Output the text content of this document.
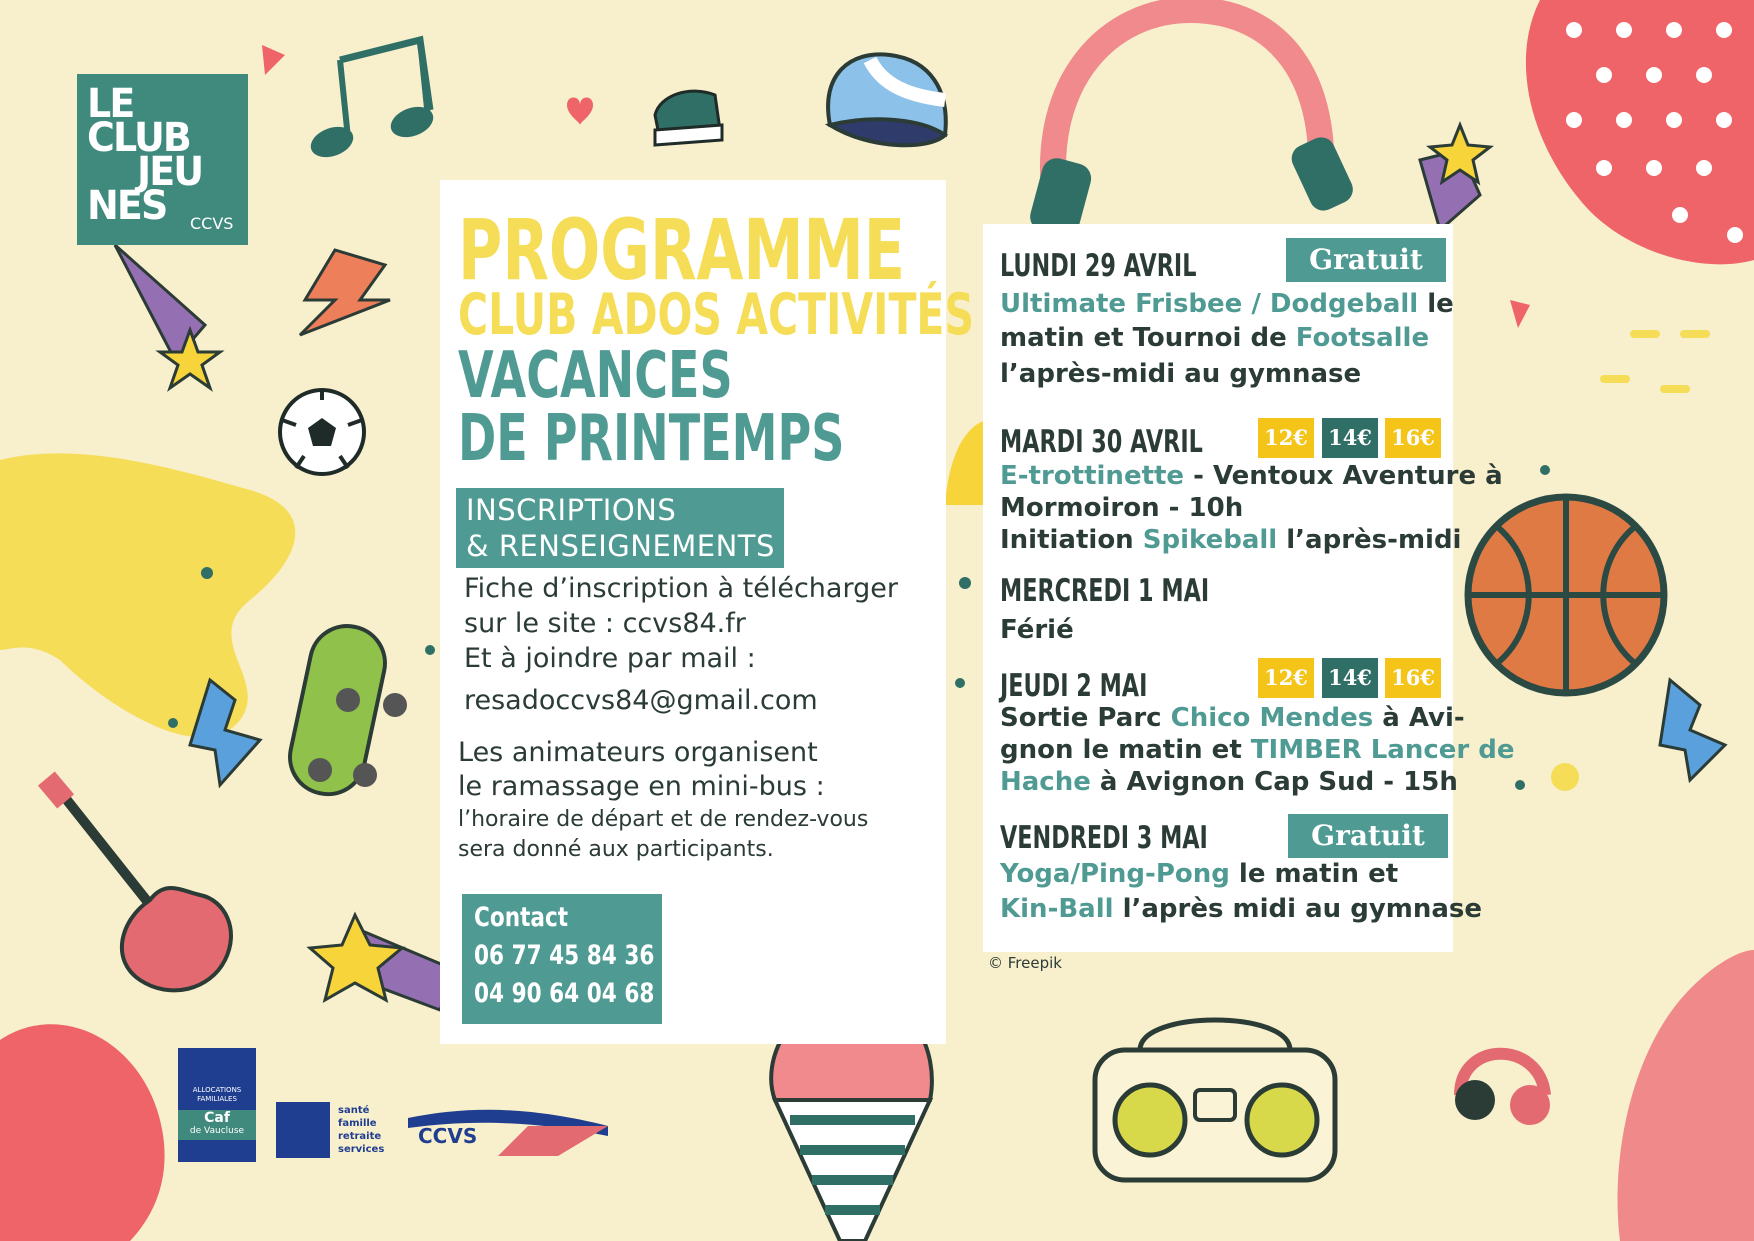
LE
CLUB
JEU
NES CCVS	PROGRAMME
CLUB ADOS ACTIVITÉS
VACANCES
DE PRINTEMPS
INSCRIPTIONS
& RENSEIGNEMENTS
Fiche d’inscription à télécharger
sur le site : ccvs84.fr
Et à joindre par mail :
resadoccvs84@gmail.com
Les animateurs organisent
le ramassage en mini-bus :
l’horaire de départ et de rendez-vous
sera donné aux participants.
Contact
06 77 45 84 36
04 90 64 04 68
LUNDI 29 AVRIL	Gratuit
Ultimate Frisbee / Dodgeball le
matin et Tournoi de Footsalle
l’après-midi au gymnase
MARDI 30 AVRIL	12€ 14€ 16€
E-trottinette - Ventoux Aventure à
Mormoiron - 10h
Initiation Spikeball l’après-midi
MERCREDI 1 MAI
Férié
JEUDI 2 MAI	12€ 14€ 16€
Sortie Parc Chico Mendes à Avi-
gnon le matin et TIMBER Lancer de
Hache à Avignon Cap Sud - 15h
VENDREDI 3 MAI	Gratuit
Yoga/Ping-Pong le matin et
Kin-Ball l’après midi au gymnase
© Freepik
ALLOCATIONS
FAMILIALES
Caf
de Vaucluse
santé
famille
retraite
services
CCVS
